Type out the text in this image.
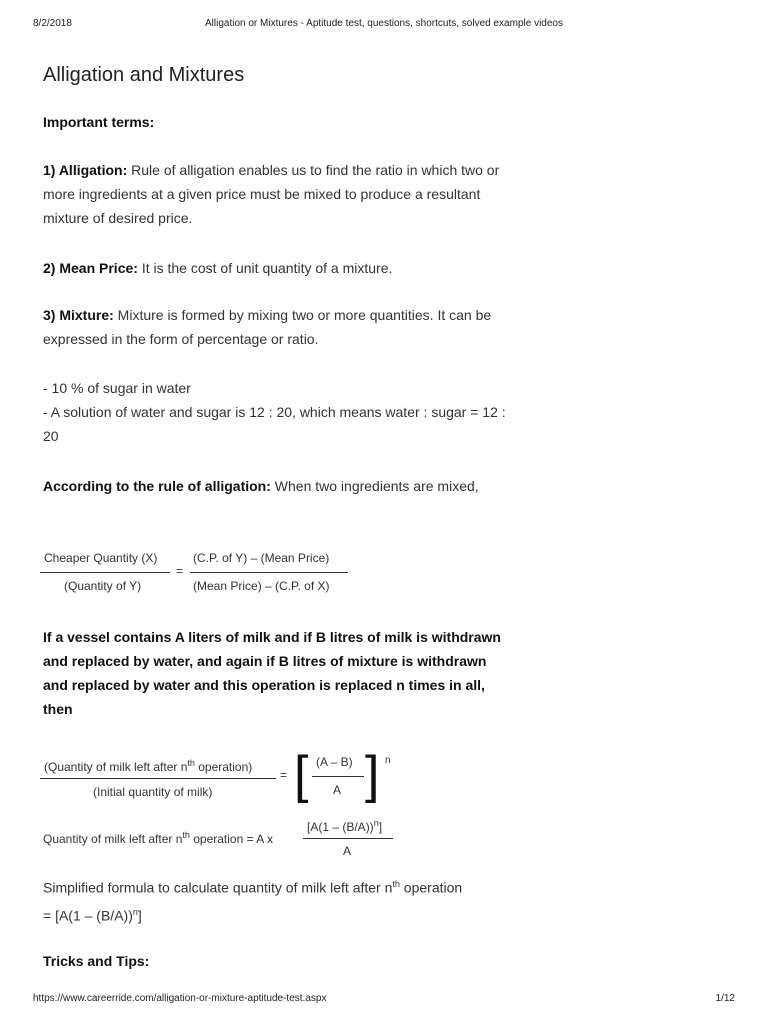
8/2/2018	Alligation or Mixtures - Aptitude test, questions, shortcuts, solved example videos
Alligation and Mixtures
Important terms:
1) Alligation: Rule of alligation enables us to find the ratio in which two or more ingredients at a given price must be mixed to produce a resultant mixture of desired price.
2) Mean Price: It is the cost of unit quantity of a mixture.
3) Mixture: Mixture is formed by mixing two or more quantities. It can be expressed in the form of percentage or ratio.
- 10 % of sugar in water
- A solution of water and sugar is 12 : 20, which means water : sugar = 12 : 20
According to the rule of alligation: When two ingredients are mixed,
Cheaper Quantity (X)
(Quantity of Y)
=
(C.P. of Y) – (Mean Price)
(Mean Price) – (C.P. of X)
If a vessel contains A liters of milk and if B litres of milk is withdrawn and replaced by water, and again if B litres of mixture is withdrawn and replaced by water and this operation is replaced n times in all, then
(Quantity of milk left after $n^{th}$ operation)
(Initial quantity of milk)
= [ (A – B)
A ] n
Quantity of milk left after $n^{th}$ operation = A x
[A(1 – (B/A))$^n$]
A
Simplified formula to calculate quantity of milk left after $n^{th}$ operation
= [A(1 – (B/A))$^n$]
Tricks and Tips:
https://www.careerride.com/alligation-or-mixture-aptitude-test.aspx	1/12
